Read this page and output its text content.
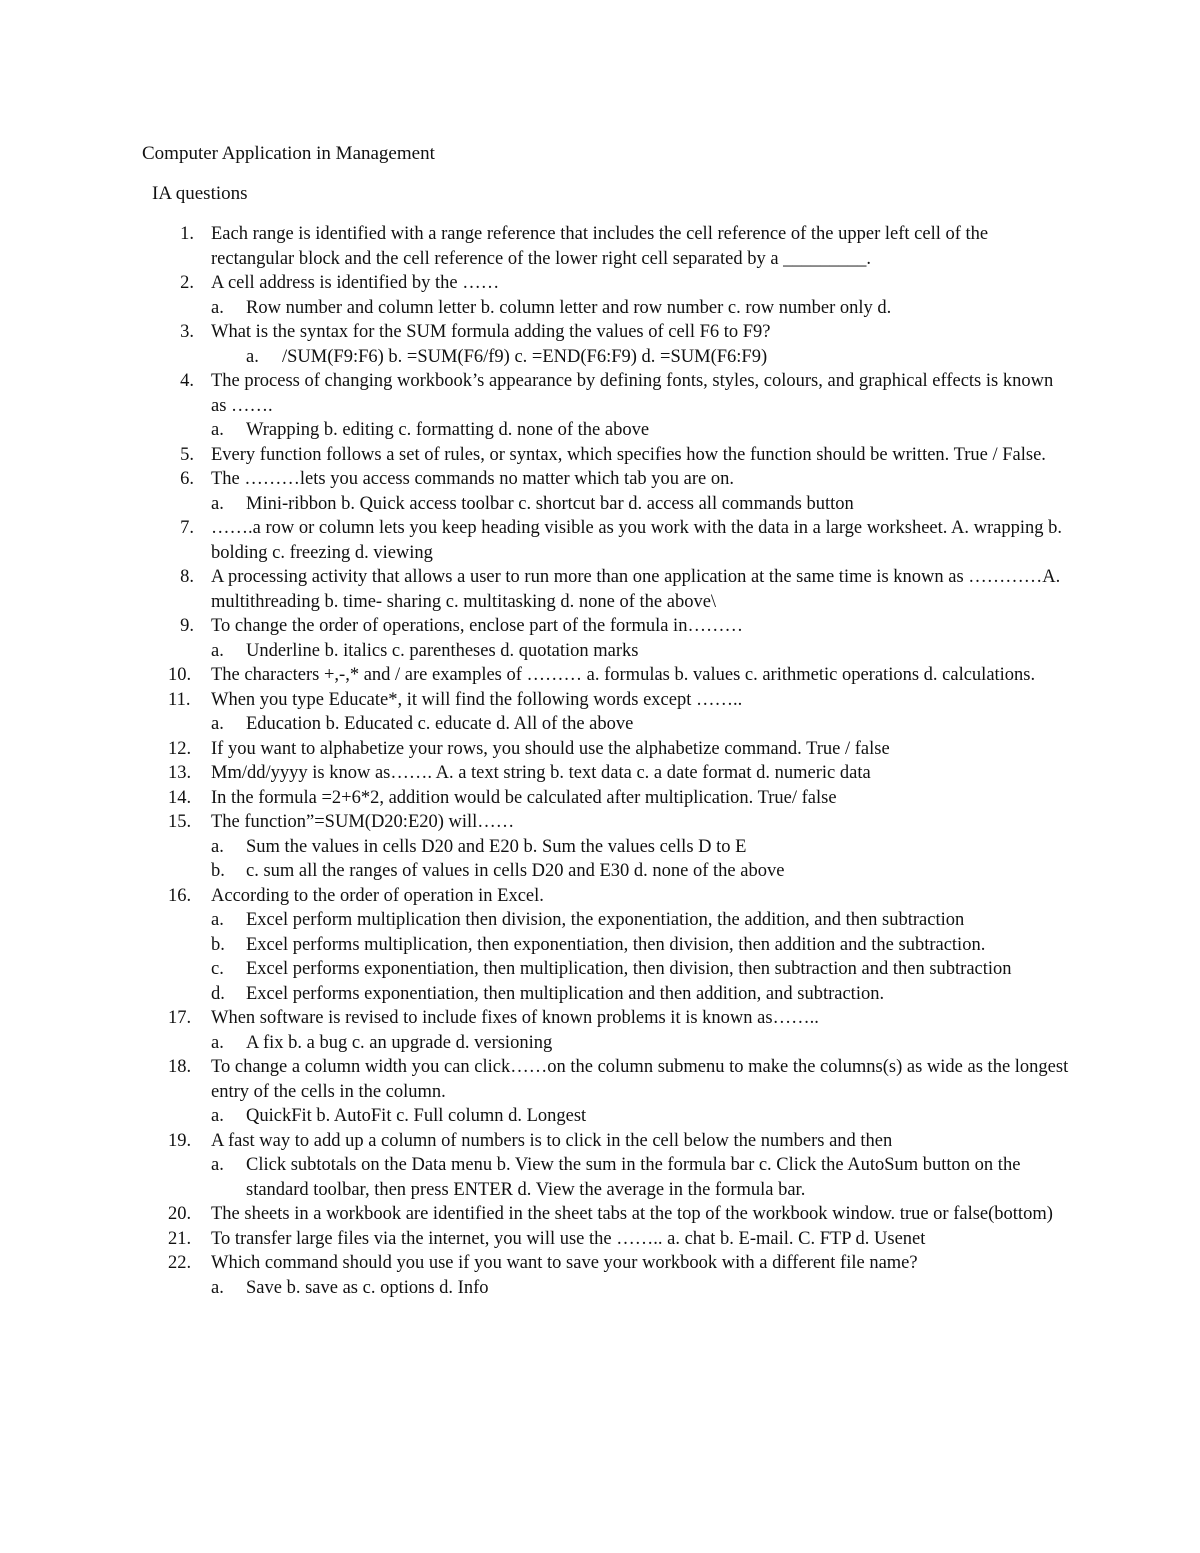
Computer Application in Management
IA questions
1. Each range is identified with a range reference that includes the cell reference of the upper left cell of the rectangular block and the cell reference of the lower right cell separated by a _________.
2. A cell address is identified by the ……
a. Row number and column letter b. column letter and row number c. row number only d.
3. What is the syntax for the SUM formula adding the values of cell F6 to F9?
a. /SUM(F9:F6) b. =SUM(F6/f9) c. =END(F6:F9) d. =SUM(F6:F9)
4. The process of changing workbook’s appearance by defining fonts, styles, colours, and graphical effects is known as …….
a. Wrapping b. editing c. formatting d. none of the above
5. Every function follows a set of rules, or syntax, which specifies how the function should be written. True / False.
6. The ………lets you access commands no matter which tab you are on.
a. Mini-ribbon b. Quick access toolbar c. shortcut bar d. access all commands button
7. …….a row or column lets you keep heading visible as you work with the data in a large worksheet. A. wrapping b. bolding c. freezing d. viewing
8. A processing activity that allows a user to run more than one application at the same time is known as …………A. multithreading b. time- sharing c. multitasking d. none of the above\
9. To change the order of operations, enclose part of the formula in………
a. Underline b. italics c. parentheses d. quotation marks
10.	The characters +,-,* and / are examples of ……… a. formulas b. values c. arithmetic operations d. calculations.
11.	When you type Educate*, it will find the following words except ……..
a. Education b. Educated c. educate d. All of the above
12.	If you want to alphabetize your rows, you should use the alphabetize command. True / false
13.	Mm/dd/yyyy is know as……. A. a text string b. text data c. a date format d. numeric data
14.	In the formula =2+6*2, addition would be calculated after multiplication. True/ false
15.	The function”=SUM(D20:E20) will……
a. Sum the values in cells D20 and E20 b. Sum the values cells D to E
b. c. sum all the ranges of values in cells D20 and E30 d. none of the above
16.	According to the order of operation in Excel.
a. Excel perform multiplication then division, the exponentiation, the addition, and then subtraction
b. Excel performs multiplication, then exponentiation, then division, then addition and the subtraction.
c. Excel performs exponentiation, then multiplication, then division, then subtraction and then subtraction
d. Excel performs exponentiation, then multiplication and then addition, and subtraction.
17.	When software is revised to include fixes of known problems it is known as……..
a. A fix b. a bug c. an upgrade d. versioning
18.	To change a column width you can click……on the column submenu to make the columns(s) as wide as the longest entry of the cells in the column.
a. QuickFit b. AutoFit c. Full column d. Longest
19.	A fast way to add up a column of numbers is to click in the cell below the numbers and then
a. Click subtotals on the Data menu b. View the sum in the formula bar c. Click the AutoSum button on the standard toolbar, then press ENTER d. View the average in the formula bar.
20.	The sheets in a workbook are identified in the sheet tabs at the top of the workbook window. true or false(bottom)
21.	To transfer large files via the internet, you will use the …….. a. chat b. E-mail. C. FTP d. Usenet
22.	Which command should you use if you want to save your workbook with a different file name?
a. Save b. save as c. options d. Info
